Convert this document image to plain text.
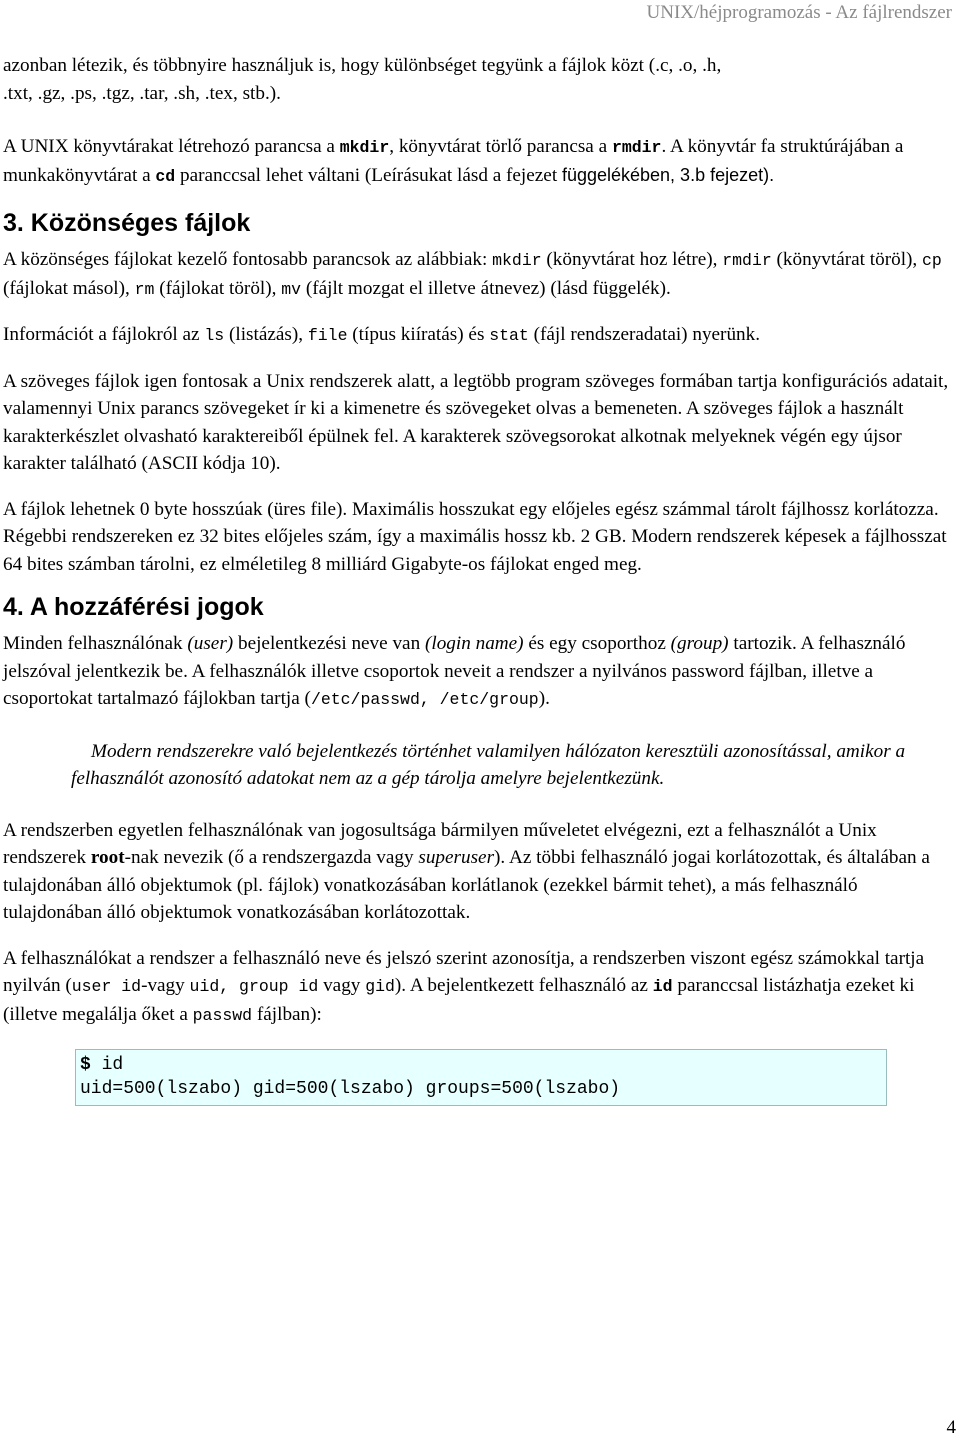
UNIX/héjprogramozás - Az fájlrendszer

azonban létezik, és többnyire használjuk is, hogy különbséget tegyünk a fájlok közt (.c, .o, .h,
.txt, .gz, .ps, .tgz, .tar, .sh, .tex, stb.).

A UNIX könyvtárakat létrehozó parancsa a mkdir, könyvtárat törlő parancsa a rmdir. A könyvtár fa struktúrájában a munkakönyvtárat a cd paranccsal lehet váltani (Leírásukat lásd a fejezet függelékében, 3.b fejezet).

3. Közönséges fájlok

A közönséges fájlokat kezelő fontosabb parancsok az alábbiak: mkdir (könyvtárat hoz létre), rmdir (könyvtárat töröl), cp (fájlokat másol), rm (fájlokat töröl), mv (fájlt mozgat el illetve átnevez) (lásd függelék).

Információt a fájlokról az ls (listázás), file (típus kiíratás) és stat (fájl rendszeradatai) nyerünk.

A szöveges fájlok igen fontosak a Unix rendszerek alatt, a legtöbb program szöveges formában tartja konfigurációs adatait, valamennyi Unix parancs szövegeket ír ki a kimenetre és szövegeket olvas a bemeneten. A szöveges fájlok a használt karakterkészlet olvasható karaktereiből épülnek fel. A karakterek szövegsorokat alkotnak melyeknek végén egy újsor karakter található (ASCII kódja 10).

A fájlok lehetnek 0 byte hosszúak (üres file). Maximális hosszukat egy előjeles egész számmal tárolt fájlhossz korlátozza. Régebbi rendszereken ez 32 bites előjeles szám, így a maximális hossz kb. 2 GB. Modern rendszerek képesek a fájlhosszat 64 bites számban tárolni, ez elméletileg 8 milliárd Gigabyte-os fájlokat enged meg.

4. A hozzáférési jogok

Minden felhasználónak (user) bejelentkezési neve van (login name) és egy csoporthoz (group) tartozik. A felhasználó jelszóval jelentkezik be. A felhasználók illetve csoportok neveit a rendszer a nyilvános password fájlban, illetve a csoportokat tartalmazó fájlokban tartja (/etc/passwd, /etc/group).

Modern rendszerekre való bejelentkezés történhet valamilyen hálózaton keresztüli azonosítással, amikor a felhasználót azonosító adatokat nem az a gép tárolja amelyre bejelentkezünk.

A rendszerben egyetlen felhasználónak van jogosultsága bármilyen műveletet elvégezni, ezt a felhasználót a Unix rendszerek root-nak nevezik (ő a rendszergazda vagy superuser). Az többi felhasználó jogai korlátozottak, és általában a tulajdonában álló objektumok (pl. fájlok) vonatkozásában korlátlanok (ezekkel bármit tehet), a más felhasználó tulajdonában álló objektumok vonatkozásában korlátozottak.

A felhasználókat a rendszer a felhasználó neve és jelszó szerint azonosítja, a rendszerben viszont egész számokkal tartja nyilván (user id-vagy uid, group id vagy gid). A bejelentkezett felhasználó az id paranccsal listázhatja ezeket ki (illetve megalálja őket a passwd fájlban):

$ id
uid=500(lszabo) gid=500(lszabo) groups=500(lszabo)
4
